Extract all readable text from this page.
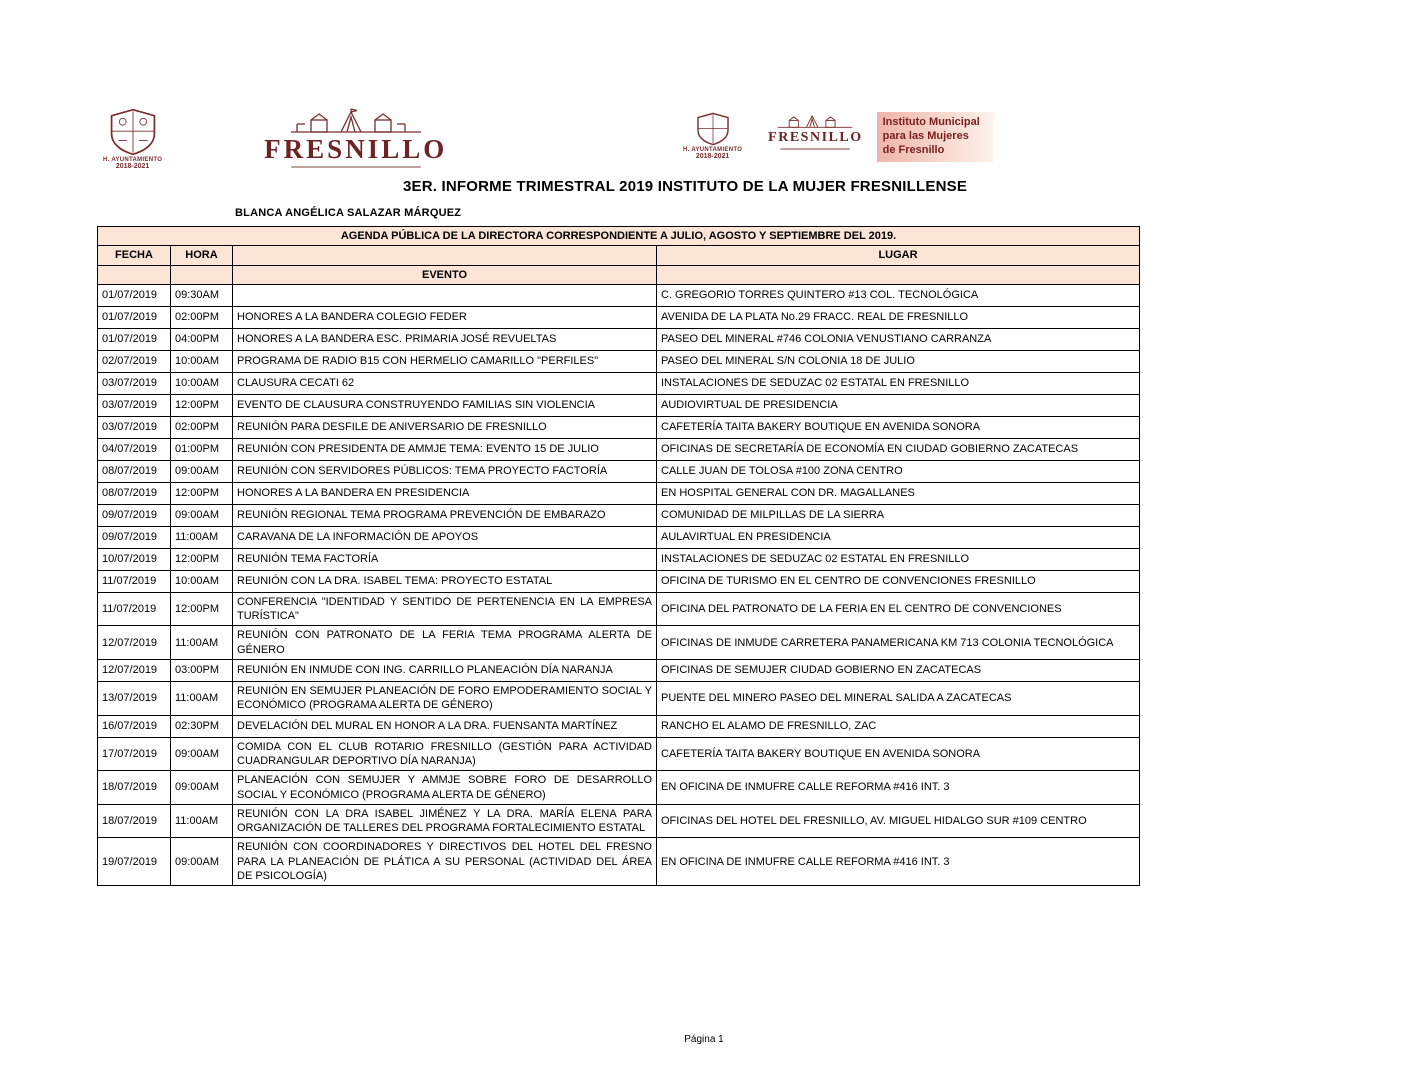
H. AYUNTAMIENTO
2018-2021
FRESNILLO	H. AYUNTAMIENTO
2018-2021
FRESNILLO
Instituto Municipal
para las Mujeres
de Fresnillo
3ER. INFORME TRIMESTRAL 2019 INSTITUTO DE LA MUJER FRESNILLENSE
BLANCA ANGÉLICA SALAZAR MÁRQUEZ
AGENDA PÚBLICA DE LA DIRECTORA CORRESPONDIENTE A JULIO, AGOSTO Y SEPTIEMBRE DEL 2019.			
FECHA	HORA		LUGAR
		EVENTO	
01/07/2019	09:30AM		C. GREGORIO TORRES QUINTERO #13 COL. TECNOLÓGICA
01/07/2019	02:00PM	HONORES A LA BANDERA COLEGIO FEDER	AVENIDA DE LA PLATA No.29 FRACC. REAL DE FRESNILLO
01/07/2019	04:00PM	HONORES A LA BANDERA ESC. PRIMARIA JOSÉ REVUELTAS	PASEO DEL MINERAL #746 COLONIA VENUSTIANO CARRANZA
02/07/2019	10:00AM	PROGRAMA DE RADIO B15 CON HERMELIO CAMARILLO "PERFILES"	PASEO DEL MINERAL S/N COLONIA 18 DE JULIO
03/07/2019	10:00AM	CLAUSURA CECATI 62	INSTALACIONES DE SEDUZAC 02 ESTATAL EN FRESNILLO
03/07/2019	12:00PM	EVENTO DE CLAUSURA CONSTRUYENDO FAMILIAS SIN VIOLENCIA	AUDIOVIRTUAL DE PRESIDENCIA
03/07/2019	02:00PM	REUNIÓN PARA DESFILE DE ANIVERSARIO DE FRESNILLO	CAFETERÍA TAITA BAKERY BOUTIQUE EN AVENIDA SONORA
04/07/2019	01:00PM	REUNIÓN CON PRESIDENTA DE AMMJE TEMA: EVENTO 15 DE JULIO	OFICINAS DE SECRETARÍA DE ECONOMÍA EN CIUDAD GOBIERNO ZACATECAS
08/07/2019	09:00AM	REUNIÓN CON SERVIDORES PÚBLICOS: TEMA PROYECTO FACTORÍA	CALLE JUAN DE TOLOSA #100 ZONA CENTRO
08/07/2019	12:00PM	HONORES A LA BANDERA EN PRESIDENCIA	EN HOSPITAL GENERAL CON DR. MAGALLANES
09/07/2019	09:00AM	REUNIÓN REGIONAL TEMA PROGRAMA PREVENCIÓN DE EMBARAZO	COMUNIDAD DE MILPILLAS DE LA SIERRA
09/07/2019	11:00AM	CARAVANA DE LA INFORMACIÓN DE APOYOS	AULAVIRTUAL EN PRESIDENCIA
10/07/2019	12:00PM	REUNIÓN TEMA FACTORÍA	INSTALACIONES DE SEDUZAC 02 ESTATAL EN FRESNILLO
11/07/2019	10:00AM	REUNIÓN CON LA DRA. ISABEL TEMA: PROYECTO ESTATAL	OFICINA DE TURISMO EN EL CENTRO DE CONVENCIONES FRESNILLO
11/07/2019	12:00PM	CONFERENCIA "IDENTIDAD Y SENTIDO DE PERTENENCIA EN LA EMPRESA TURÍSTICA"	OFICINA DEL PATRONATO DE LA FERIA EN EL CENTRO DE CONVENCIONES
12/07/2019	11:00AM	REUNIÓN CON PATRONATO DE LA FERIA TEMA PROGRAMA ALERTA DE GÉNERO	OFICINAS DE INMUDE CARRETERA PANAMERICANA KM 713 COLONIA TECNOLÓGICA
12/07/2019	03:00PM	REUNIÓN EN INMUDE CON ING. CARRILLO PLANEACIÓN DÍA NARANJA	OFICINAS DE SEMUJER CIUDAD GOBIERNO EN ZACATECAS
13/07/2019	11:00AM	REUNIÓN EN SEMUJER PLANEACIÓN DE FORO EMPODERAMIENTO SOCIAL Y ECONÓMICO (PROGRAMA ALERTA DE GÉNERO)	PUENTE DEL MINERO PASEO DEL MINERAL SALIDA A ZACATECAS
16/07/2019	02:30PM	DEVELACIÓN DEL MURAL EN HONOR A LA DRA. FUENSANTA MARTÍNEZ	RANCHO EL ALAMO DE FRESNILLO, ZAC
17/07/2019	09:00AM	COMIDA CON EL CLUB ROTARIO FRESNILLO (GESTIÓN PARA ACTIVIDAD CUADRANGULAR DEPORTIVO DÍA NARANJA)	CAFETERÍA TAITA BAKERY BOUTIQUE EN AVENIDA SONORA
18/07/2019	09:00AM	PLANEACIÓN CON SEMUJER Y AMMJE SOBRE FORO DE DESARROLLO SOCIAL Y ECONÓMICO (PROGRAMA ALERTA DE GÉNERO)	EN OFICINA DE INMUFRE CALLE REFORMA #416 INT. 3
18/07/2019	11:00AM	REUNIÓN CON LA DRA ISABEL JIMÉNEZ Y LA DRA. MARÍA ELENA PARA ORGANIZACIÓN DE TALLERES DEL PROGRAMA FORTALECIMIENTO ESTATAL	OFICINAS DEL HOTEL DEL FRESNILLO, AV. MIGUEL HIDALGO SUR #109 CENTRO
19/07/2019	09:00AM	REUNIÓN CON COORDINADORES Y DIRECTIVOS DEL HOTEL DEL FRESNO PARA LA PLANEACIÓN DE PLÁTICA A SU PERSONAL (ACTIVIDAD DEL ÁREA DE PSICOLOGÍA)	EN OFICINA DE INMUFRE CALLE REFORMA #416 INT. 3
Página 1
